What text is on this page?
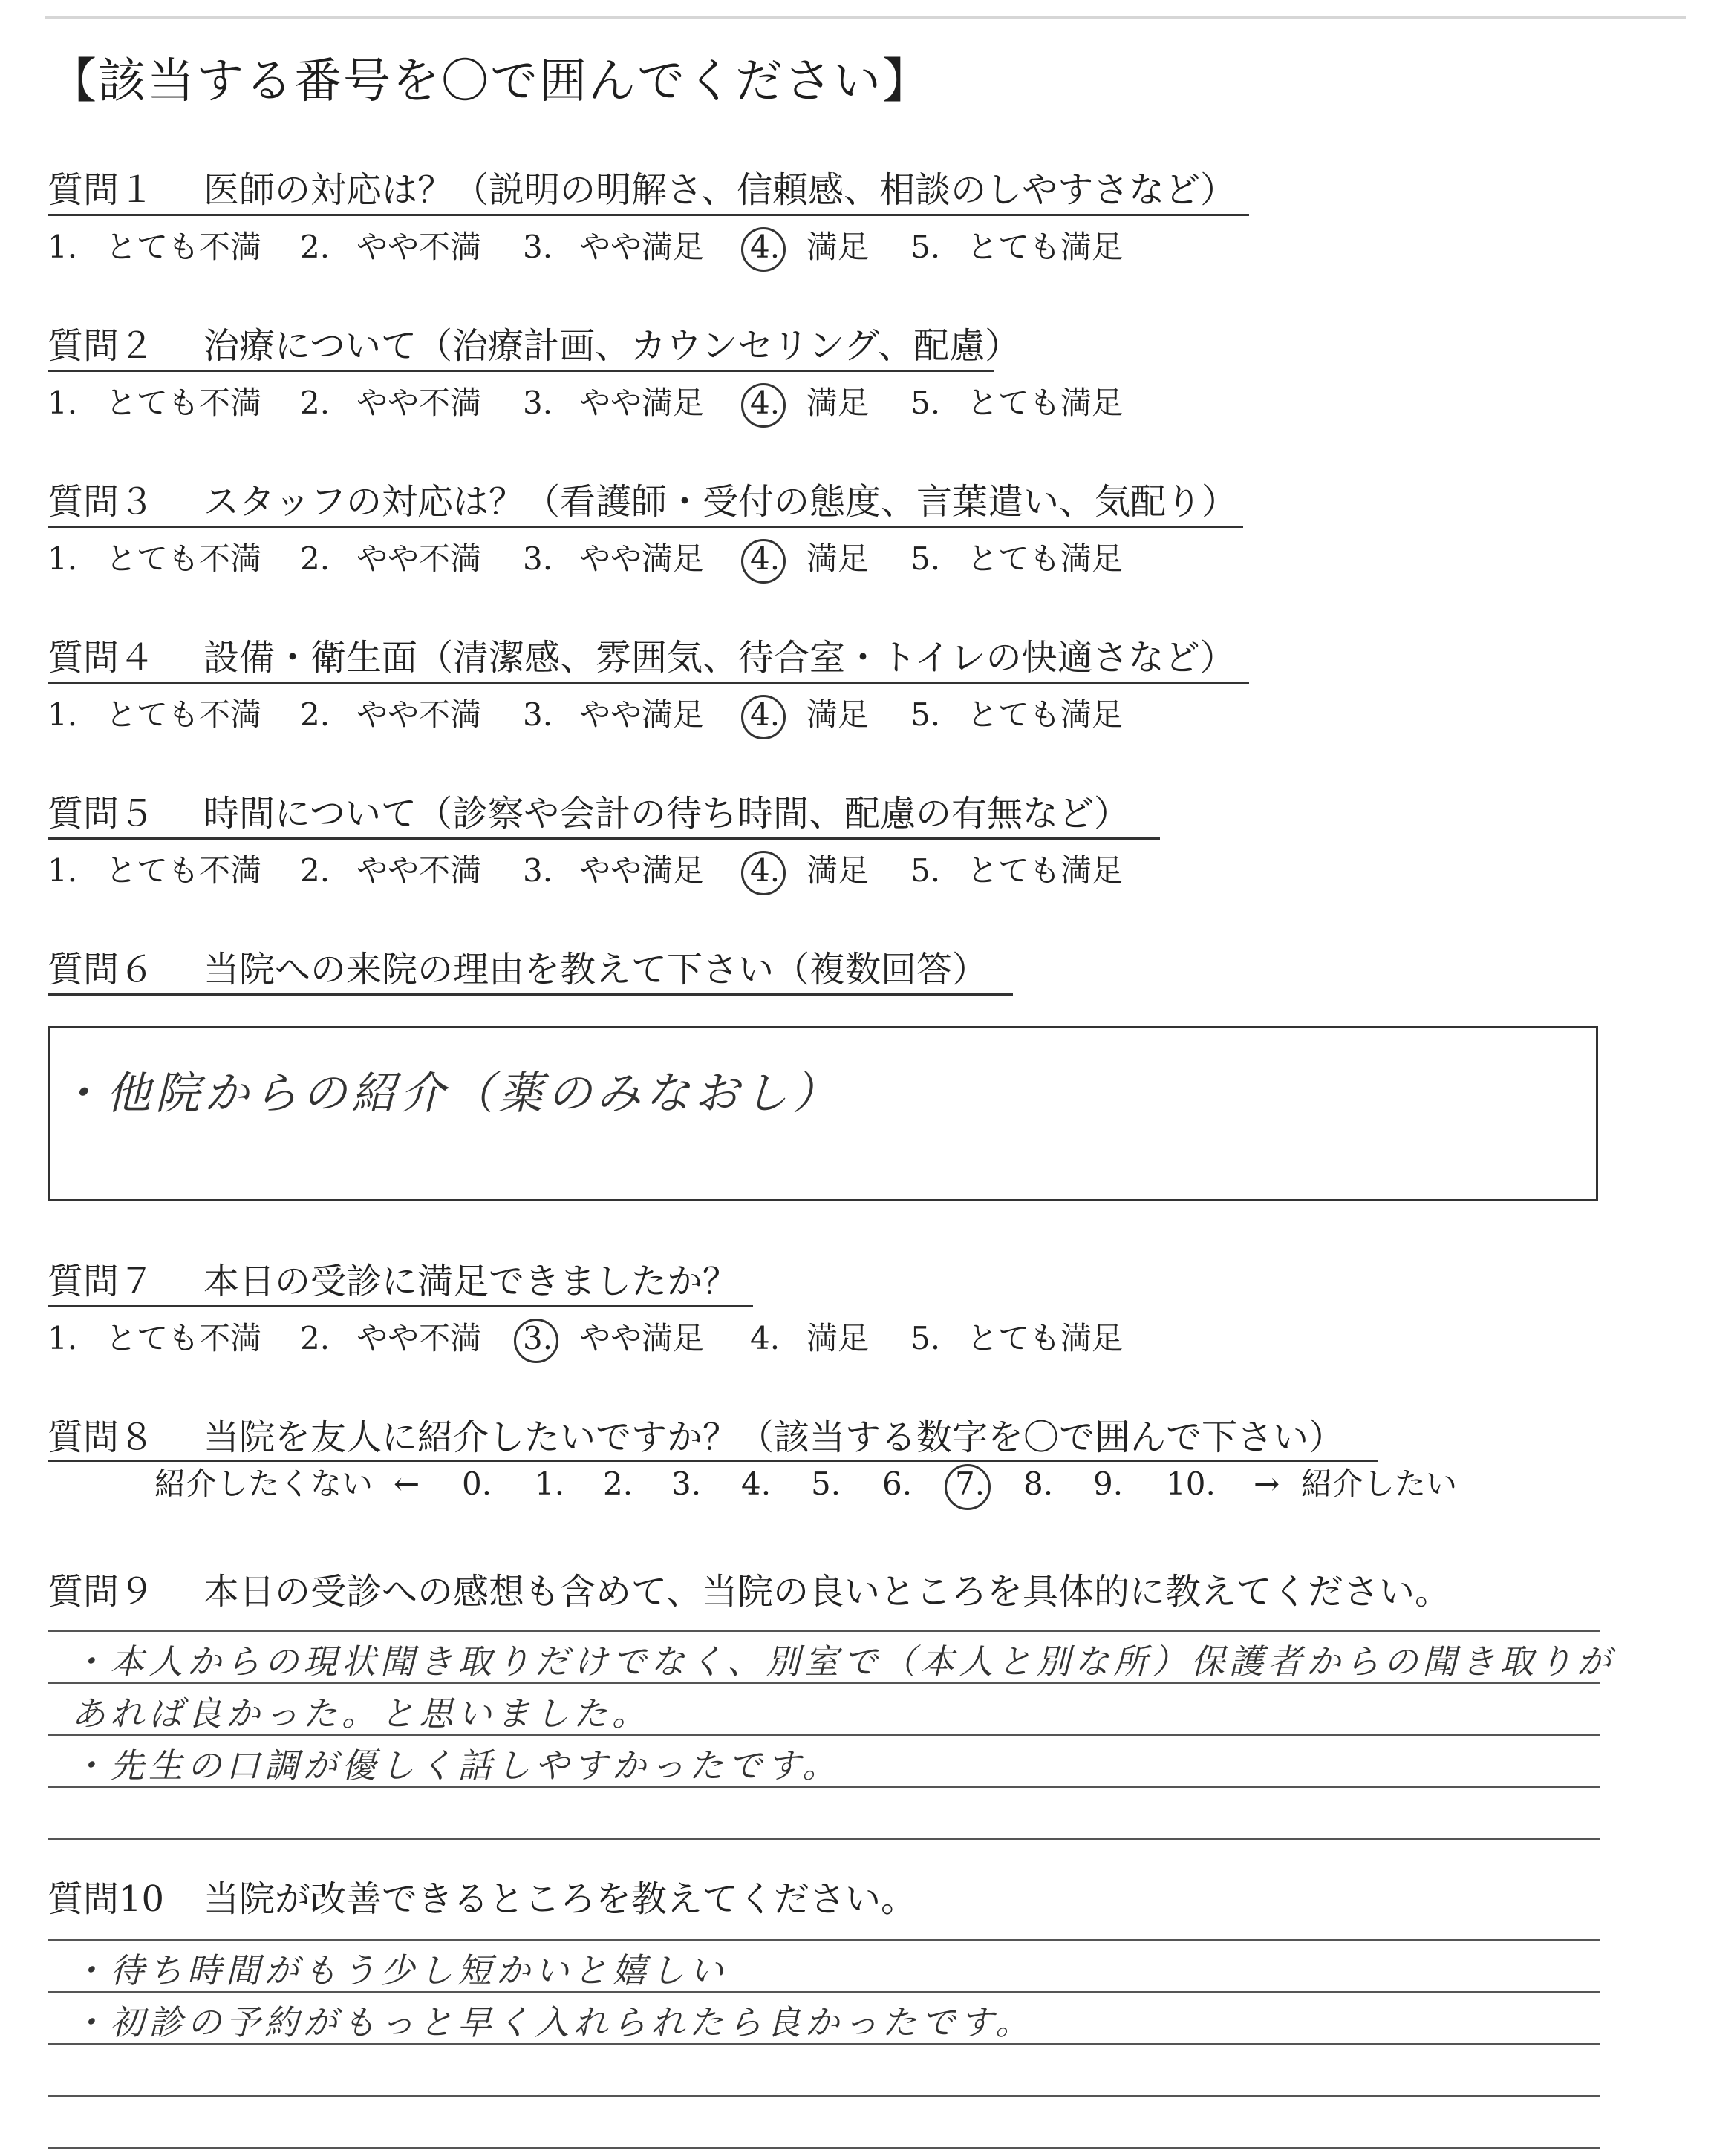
【該当する番号を〇で囲んでください】
質問１ 医師の対応は？（説明の明解さ、信頼感、相談のしやすさなど）
1. とても不満 2. やや不満 3. やや満足 4. 満足 5. とても満足
質問２ 治療について（治療計画、カウンセリング、配慮）
1. とても不満 2. やや不満 3. やや満足 4. 満足 5. とても満足
質問３ スタッフの対応は？（看護師・受付の態度、言葉遣い、気配り）
1. とても不満 2. やや不満 3. やや満足 4. 満足 5. とても満足
質問４ 設備・衛生面（清潔感、雰囲気、待合室・トイレの快適さなど）
1. とても不満 2. やや不満 3. やや満足 4. 満足 5. とても満足
質問５ 時間について（診察や会計の待ち時間、配慮の有無など）
1. とても不満 2. やや不満 3. やや満足 4. 満足 5. とても満足
質問６ 当院への来院の理由を教えて下さい（複数回答）
・他院からの紹介（薬のみなおし）
質問７ 本日の受診に満足できましたか？
1. とても不満 2. やや不満 3. やや満足 4. 満足 5. とても満足
質問８ 当院を友人に紹介したいですか？（該当する数字を〇で囲んで下さい）
紹介したくない ← 0. 1. 2. 3. 4. 5. 6. 7. 8. 9. 10. → 紹介したい
質問９ 本日の受診への感想も含めて、当院の良いところを具体的に教えてください。
・本人からの現状聞き取りだけでなく、別室で（本人と別な所）保護者からの聞き取りが
あれば良かった。と思いました。
・先生の口調が優しく話しやすかったです。
質問10 当院が改善できるところを教えてください。
・待ち時間がもう少し短かいと嬉しい
・初診の予約がもっと早く入れられたら良かったです。
